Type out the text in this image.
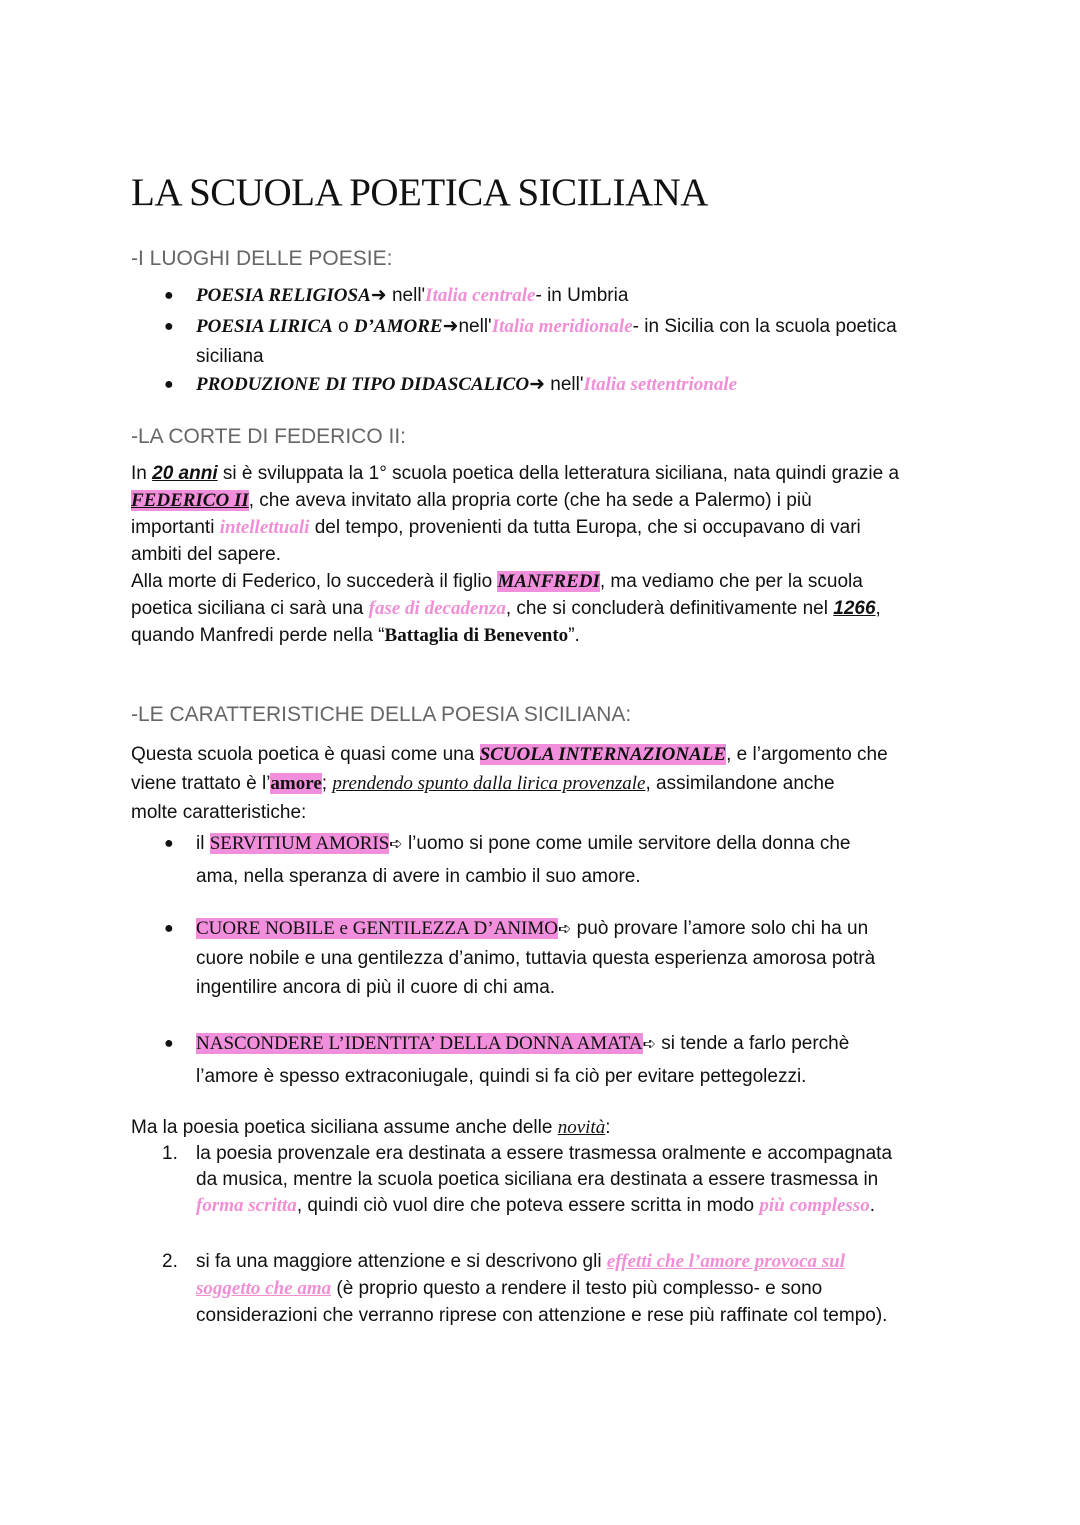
LA SCUOLA POETICA SICILIANA
-I LUOGHI DELLE POESIE:
● POESIA RELIGIOSA➜ nell'Italia centrale- in Umbria
● POESIA LIRICA o D’AMORE➜nell'Italia meridionale- in Sicilia con la scuola poetica
siciliana
● PRODUZIONE DI TIPO DIDASCALICO➜ nell'Italia settentrionale
-LA CORTE DI FEDERICO II:

In 20 anni si è sviluppata la 1° scuola poetica della letteratura siciliana, nata quindi grazie a
FEDERICO II, che aveva invitato alla propria corte (che ha sede a Palermo) i più
importanti intellettuali del tempo, provenienti da tutta Europa, che si occupavano di vari
ambiti del sapere.
Alla morte di Federico, lo succederà il figlio MANFREDI, ma vediamo che per la scuola
poetica siciliana ci sarà una fase di decadenza, che si concluderà definitivamente nel 1266,
quando Manfredi perde nella “Battaglia di Benevento”.

-LE CARATTERISTICHE DELLA POESIA SICILIANA:

Questa scuola poetica è quasi come una SCUOLA INTERNAZIONALE, e l’argomento che
viene trattato è l’amore; prendendo spunto dalla lirica provenzale, assimilandone anche
molte caratteristiche:

● il SERVITIUM AMORIS➪ l’uomo si pone come umile servitore della donna che
ama, nella speranza di avere in cambio il suo amore.
● CUORE NOBILE e GENTILEZZA D’ANIMO➪ può provare l’amore solo chi ha un
cuore nobile e una gentilezza d’animo, tuttavia questa esperienza amorosa potrà
ingentilire ancora di più il cuore di chi ama.
● NASCONDERE L’IDENTITA’ DELLA DONNA AMATA➪ si tende a farlo perchè
l’amore è spesso extraconiugale, quindi si fa ciò per evitare pettegolezzi.

Ma la poesia poetica siciliana assume anche delle novità:

1. la poesia provenzale era destinata a essere trasmessa oralmente e accompagnata
da musica, mentre la scuola poetica siciliana era destinata a essere trasmessa in
forma scritta, quindi ciò vuol dire che poteva essere scritta in modo più complesso.
2. si fa una maggiore attenzione e si descrivono gli effetti che l’amore provoca sul
soggetto che ama (è proprio questo a rendere il testo più complesso- e sono
considerazioni che verranno riprese con attenzione e rese più raffinate col tempo).
